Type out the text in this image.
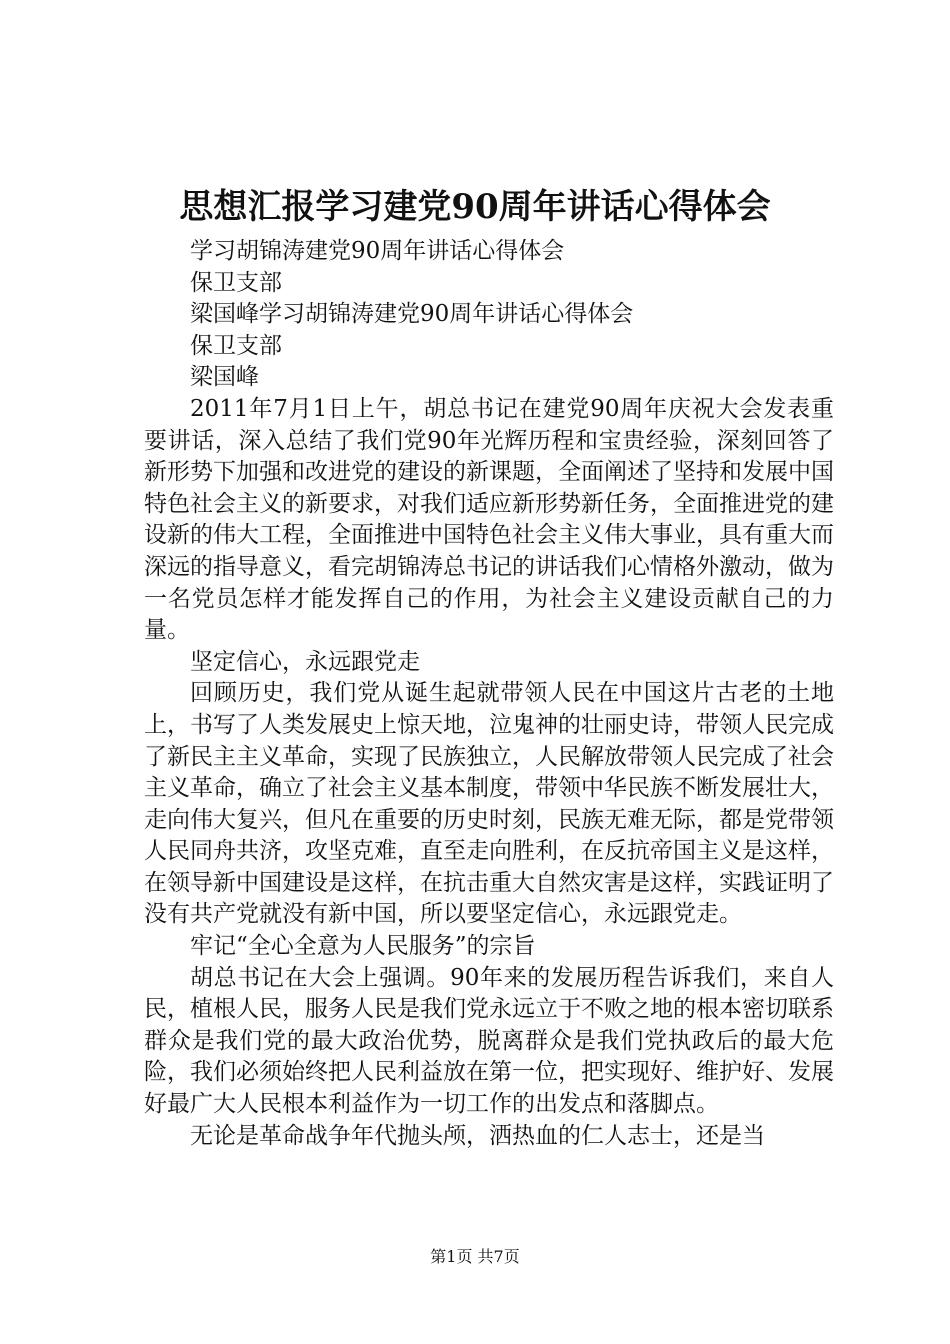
思想汇报学习建党90周年讲话心得体会

学习胡锦涛建党90周年讲话心得体会

保卫支部

梁国峰学习胡锦涛建党90周年讲话心得体会

保卫支部

梁国峰

2011年7月1日上午，胡总书记在建党90周年庆祝大会发表重要讲话，深入总结了我们党90年光辉历程和宝贵经验，深刻回答了新形势下加强和改进党的建设的新课题，全面阐述了坚持和发展中国特色社会主义的新要求，对我们适应新形势新任务，全面推进党的建设新的伟大工程，全面推进中国特色社会主义伟大事业，具有重大而深远的指导意义，看完胡锦涛总书记的讲话我们心情格外激动，做为一名党员怎样才能发挥自己的作用，为社会主义建设贡献自己的力量。

坚定信心，永远跟党走

回顾历史，我们党从诞生起就带领人民在中国这片古老的土地上，书写了人类发展史上惊天地，泣鬼神的壮丽史诗，带领人民完成了新民主主义革命，实现了民族独立，人民解放带领人民完成了社会主义革命，确立了社会主义基本制度，带领中华民族不断发展壮大，走向伟大复兴，但凡在重要的历史时刻，民族无难无际，都是党带领人民同舟共济，攻坚克难，直至走向胜利，在反抗帝国主义是这样，在领导新中国建设是这样，在抗击重大自然灾害是这样，实践证明了没有共产党就没有新中国，所以要坚定信心，永远跟党走。

牢记“全心全意为人民服务”的宗旨

胡总书记在大会上强调。90年来的发展历程告诉我们，来自人民，植根人民，服务人民是我们党永远立于不败之地的根本密切联系群众是我们党的最大政治优势，脱离群众是我们党执政后的最大危险，我们必须始终把人民利益放在第一位，把实现好、维护好、发展好最广大人民根本利益作为一切工作的出发点和落脚点。

无论是革命战争年代抛头颅，洒热血的仁人志士，还是当

第1页 共7页
